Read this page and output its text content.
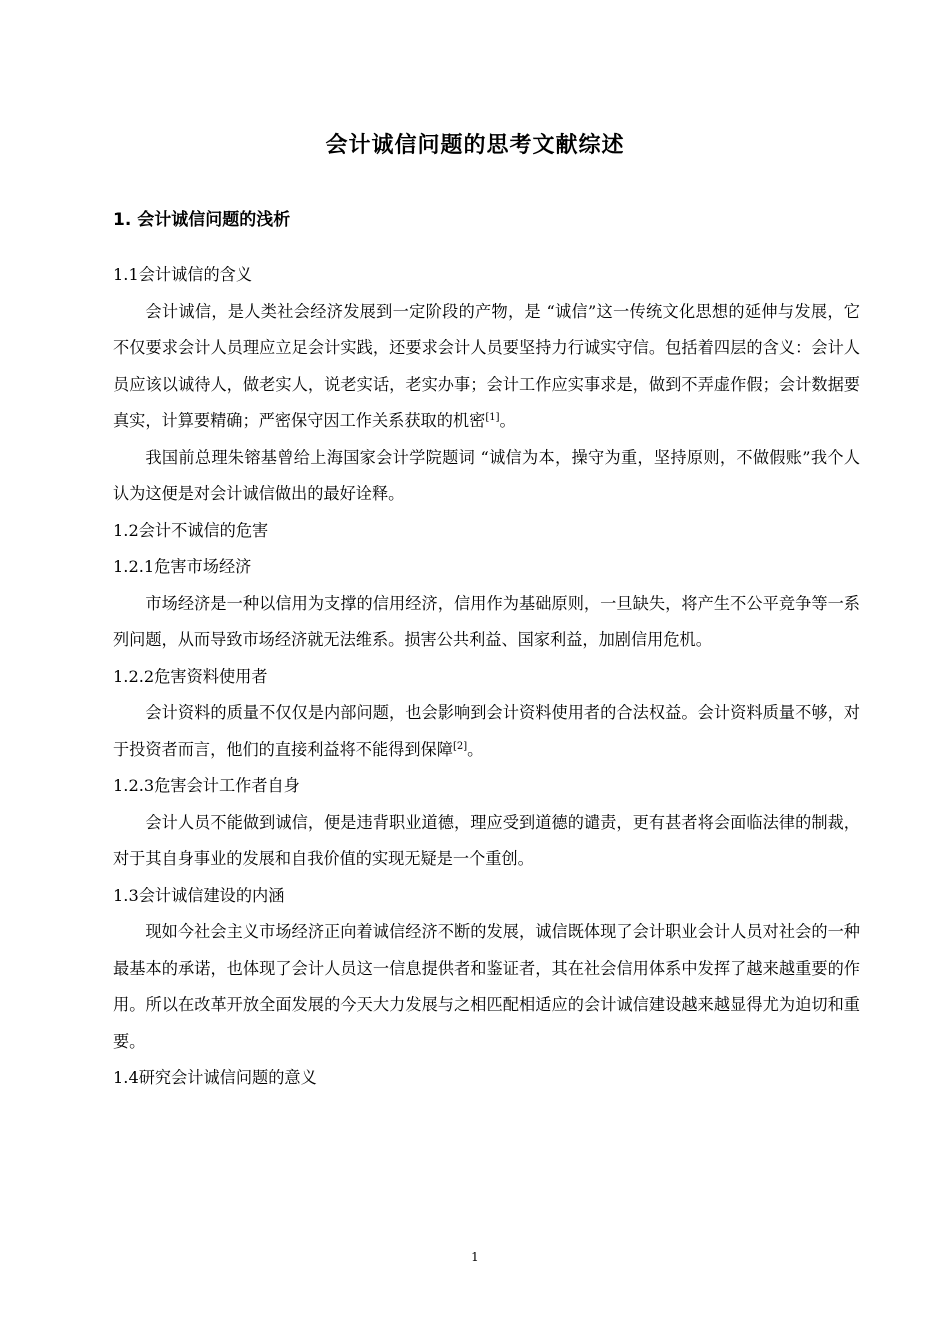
会计诚信问题的思考文献综述
1. 会计诚信问题的浅析

1.1会计诚信的含义

会计诚信，是人类社会经济发展到一定阶段的产物，是 “诚信”这一传统文化思想的延伸与发展，它不仅要求会计人员理应立足会计实践，还要求会计人员要坚持力行诚实守信。包括着四层的含义：会计人员应该以诚待人，做老实人，说老实话，老实办事；会计工作应实事求是，做到不弄虚作假；会计数据要真实，计算要精确；严密保守因工作关系获取的机密[1]。

我国前总理朱镕基曾给上海国家会计学院题词 “诚信为本，操守为重，坚持原则，不做假账”我个人认为这便是对会计诚信做出的最好诠释。

1.2会计不诚信的危害

1.2.1危害市场经济

市场经济是一种以信用为支撑的信用经济，信用作为基础原则，一旦缺失，将产生不公平竞争等一系列问题，从而导致市场经济就无法维系。损害公共利益、国家利益，加剧信用危机。

1.2.2危害资料使用者

会计资料的质量不仅仅是内部问题，也会影响到会计资料使用者的合法权益。会计资料质量不够，对于投资者而言，他们的直接利益将不能得到保障[2]。

1.2.3危害会计工作者自身

会计人员不能做到诚信，便是违背职业道德，理应受到道德的谴责，更有甚者将会面临法律的制裁，对于其自身事业的发展和自我价值的实现无疑是一个重创。

1.3会计诚信建设的内涵

现如今社会主义市场经济正向着诚信经济不断的发展，诚信既体现了会计职业会计人员对社会的一种最基本的承诺，也体现了会计人员这一信息提供者和鉴证者，其在社会信用体系中发挥了越来越重要的作用。所以在改革开放全面发展的今天大力发展与之相匹配相适应的会计诚信建设越来越显得尤为迫切和重要。

1.4研究会计诚信问题的意义

1
